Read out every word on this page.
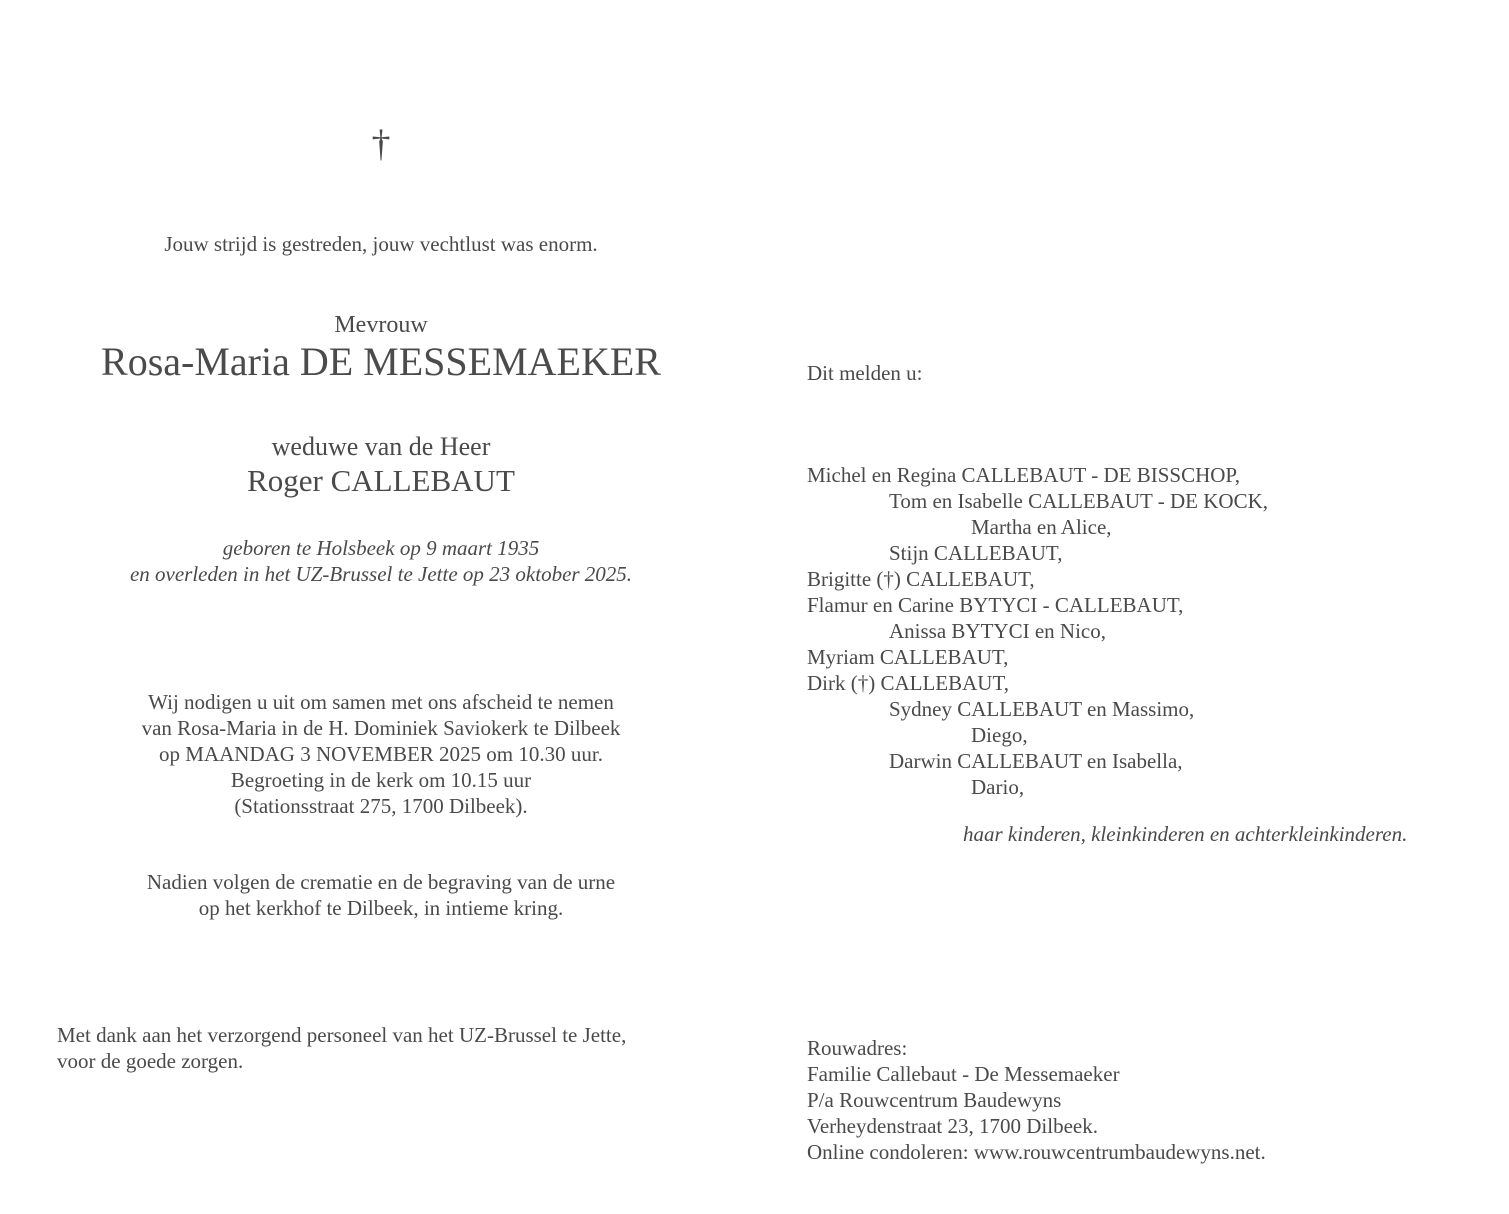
†
Jouw strijd is gestreden, jouw vechtlust was enorm.
Mevrouw
Rosa-Maria DE MESSEMAEKER
weduwe van de Heer
Roger CALLEBAUT
geboren te Holsbeek op 9 maart 1935
en overleden in het UZ-Brussel te Jette op 23 oktober 2025.
Wij nodigen u uit om samen met ons afscheid te nemen
van Rosa-Maria in de H. Dominiek Saviokerk te Dilbeek
op MAANDAG 3 NOVEMBER 2025 om 10.30 uur.
Begroeting in de kerk om 10.15 uur
(Stationsstraat 275, 1700 Dilbeek).
Nadien volgen de crematie en de begraving van de urne
op het kerkhof te Dilbeek, in intieme kring.
Met dank aan het verzorgend personeel van het UZ-Brussel te Jette,
voor de goede zorgen.
Dit melden u:
Michel en Regina CALLEBAUT - DE BISSCHOP,
Tom en Isabelle CALLEBAUT - DE KOCK,
Martha en Alice,
Stijn CALLEBAUT,
Brigitte (†) CALLEBAUT,
Flamur en Carine BYTYCI - CALLEBAUT,
Anissa BYTYCI en Nico,
Myriam CALLEBAUT,
Dirk (†) CALLEBAUT,
Sydney CALLEBAUT en Massimo,
Diego,
Darwin CALLEBAUT en Isabella,
Dario,
haar kinderen, kleinkinderen en achterkleinkinderen.
Rouwadres:
Familie Callebaut - De Messemaeker
P/a Rouwcentrum Baudewyns
Verheydenstraat 23, 1700 Dilbeek.
Online condoleren: www.rouwcentrumbaudewyns.net.
